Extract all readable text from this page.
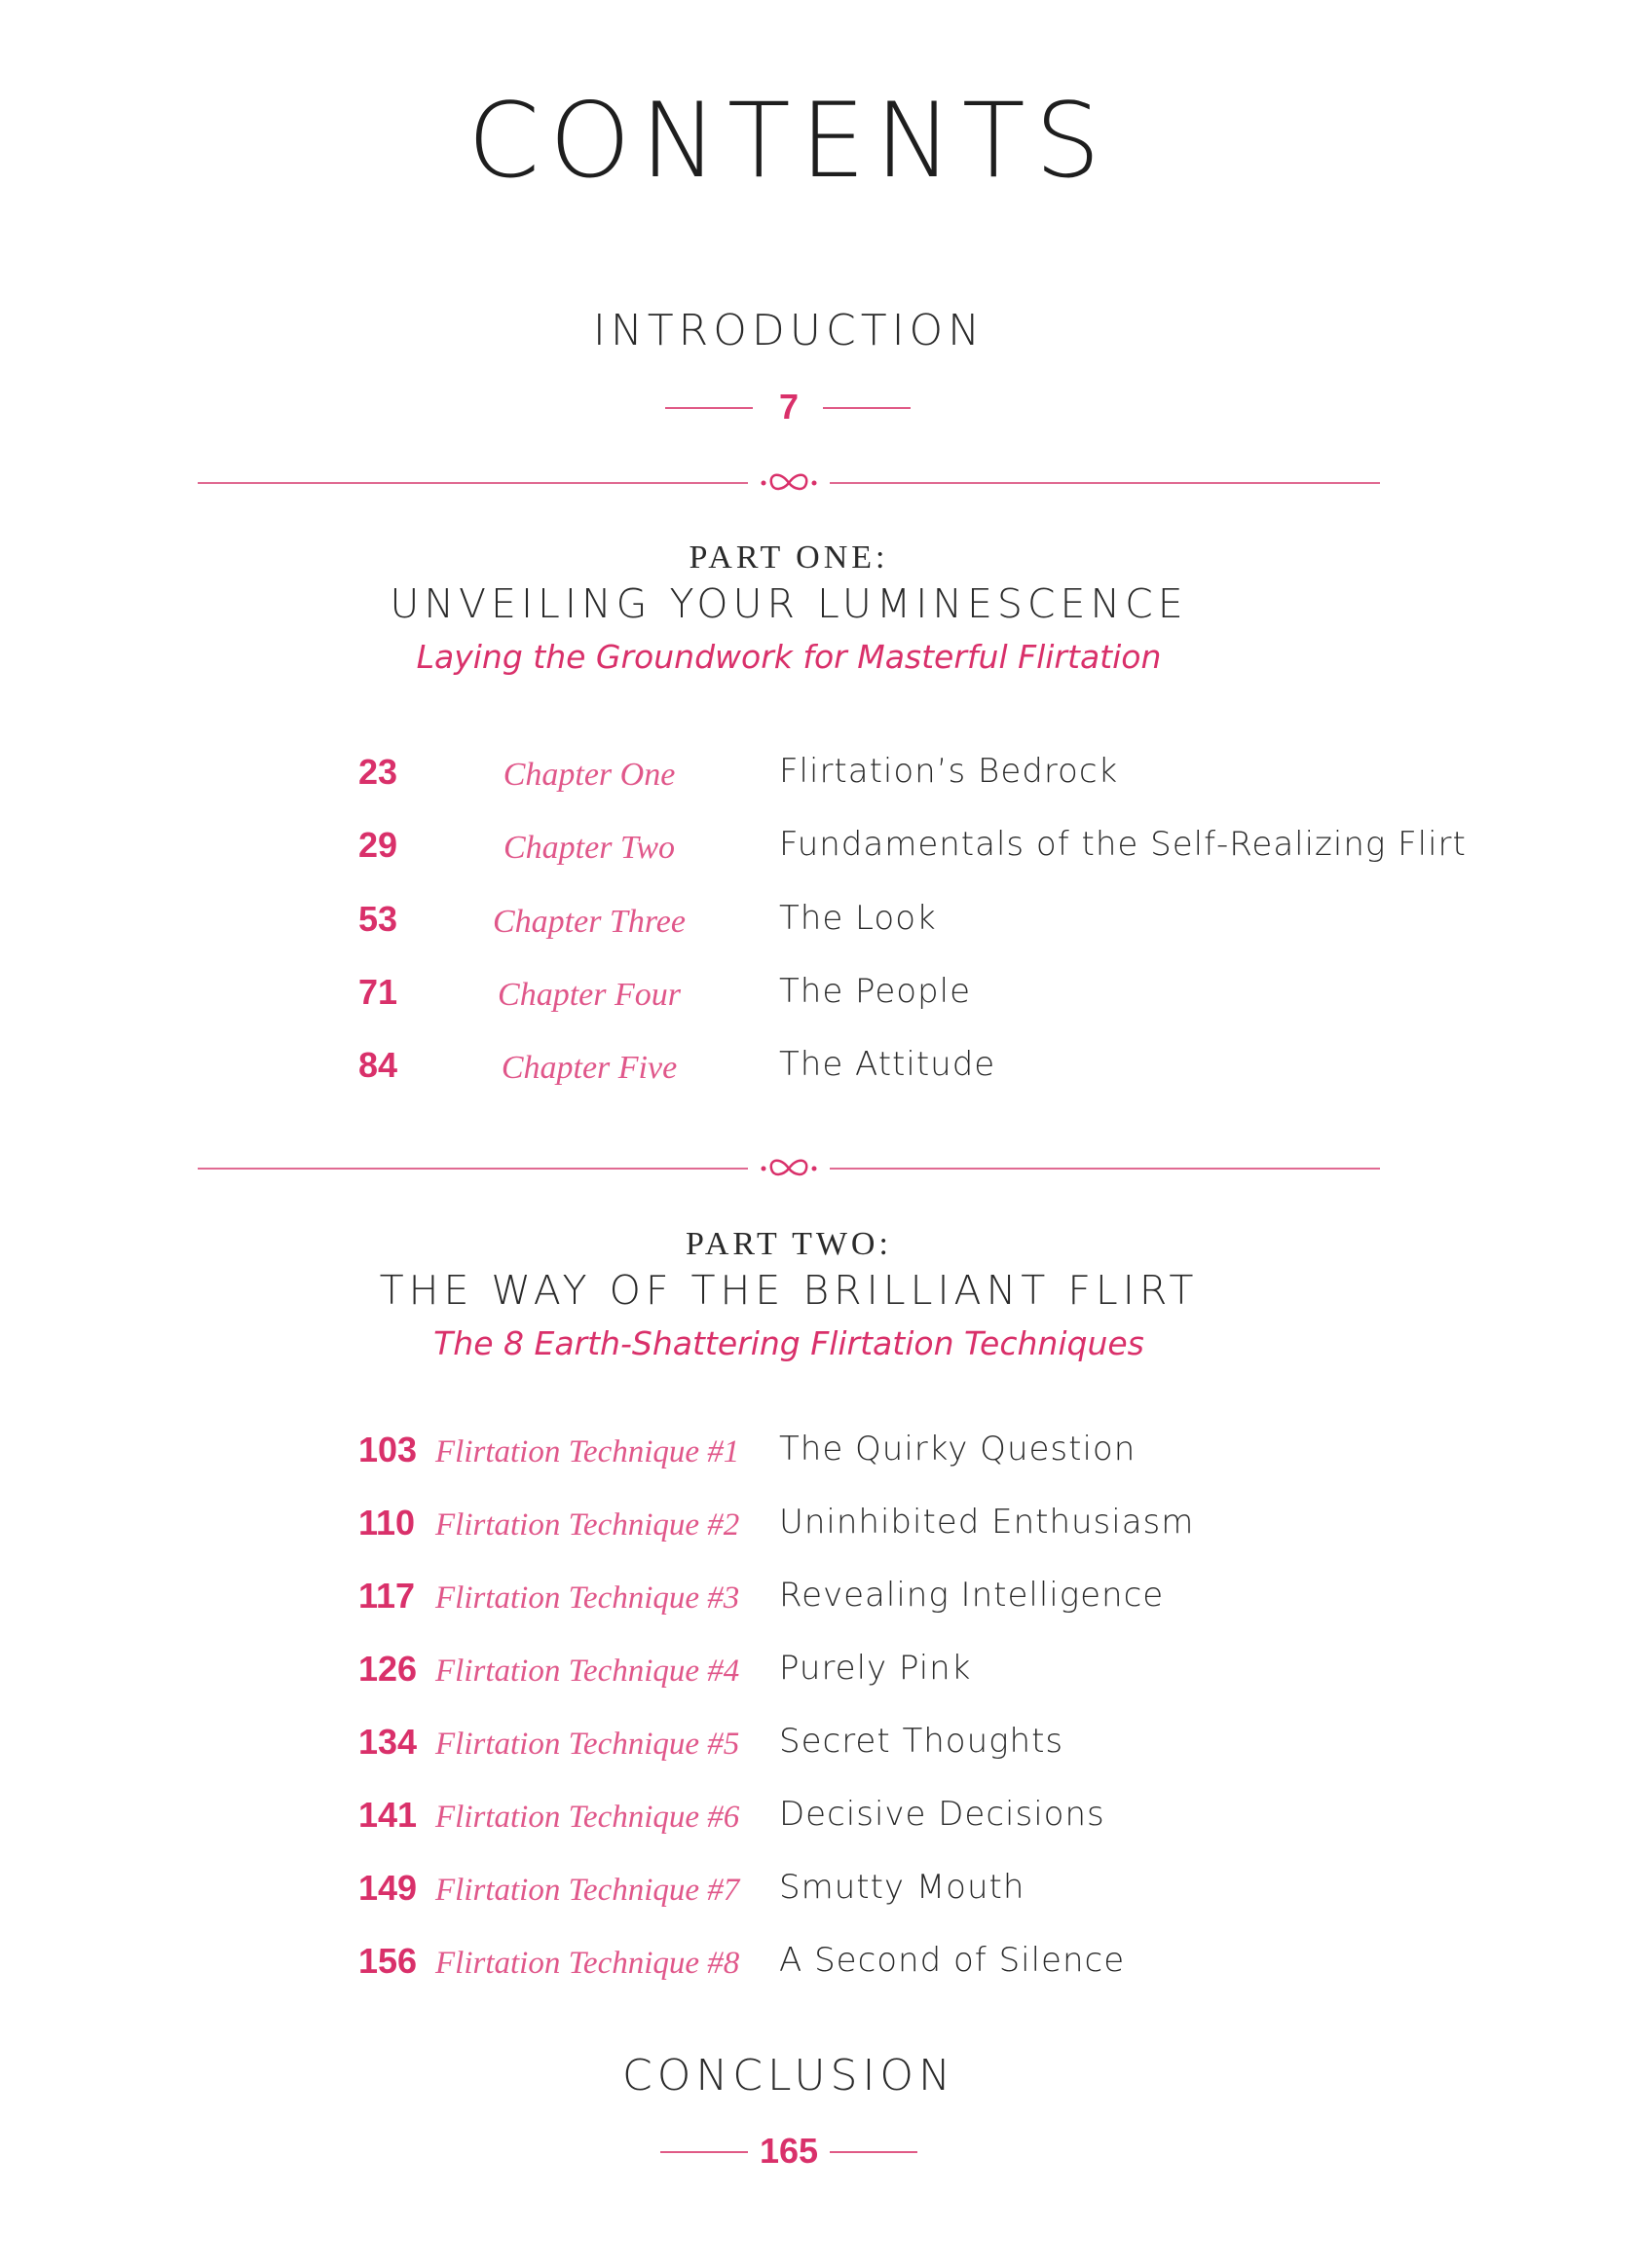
CONTENTS
INTRODUCTION
7
PART ONE:
UNVEILING YOUR LUMINESCENCE
Laying the Groundwork for Masterful Flirtation
23	Chapter One	Flirtation’s Bedrock
29	Chapter Two	Fundamentals of the Self-Realizing Flirt
53	Chapter Three	The Look
71	Chapter Four	The People
84	Chapter Five	The Attitude
PART TWO:
THE WAY OF THE BRILLIANT FLIRT
The 8 Earth-Shattering Flirtation Techniques
103 Flirtation Technique #1 The Quirky Question
110 Flirtation Technique #2 Uninhibited Enthusiasm
117 Flirtation Technique #3 Revealing Intelligence
126 Flirtation Technique #4 Purely Pink
134 Flirtation Technique #5 Secret Thoughts
141 Flirtation Technique #6 Decisive Decisions
149 Flirtation Technique #7 Smutty Mouth
156 Flirtation Technique #8 A Second of Silence
CONCLUSION
165
